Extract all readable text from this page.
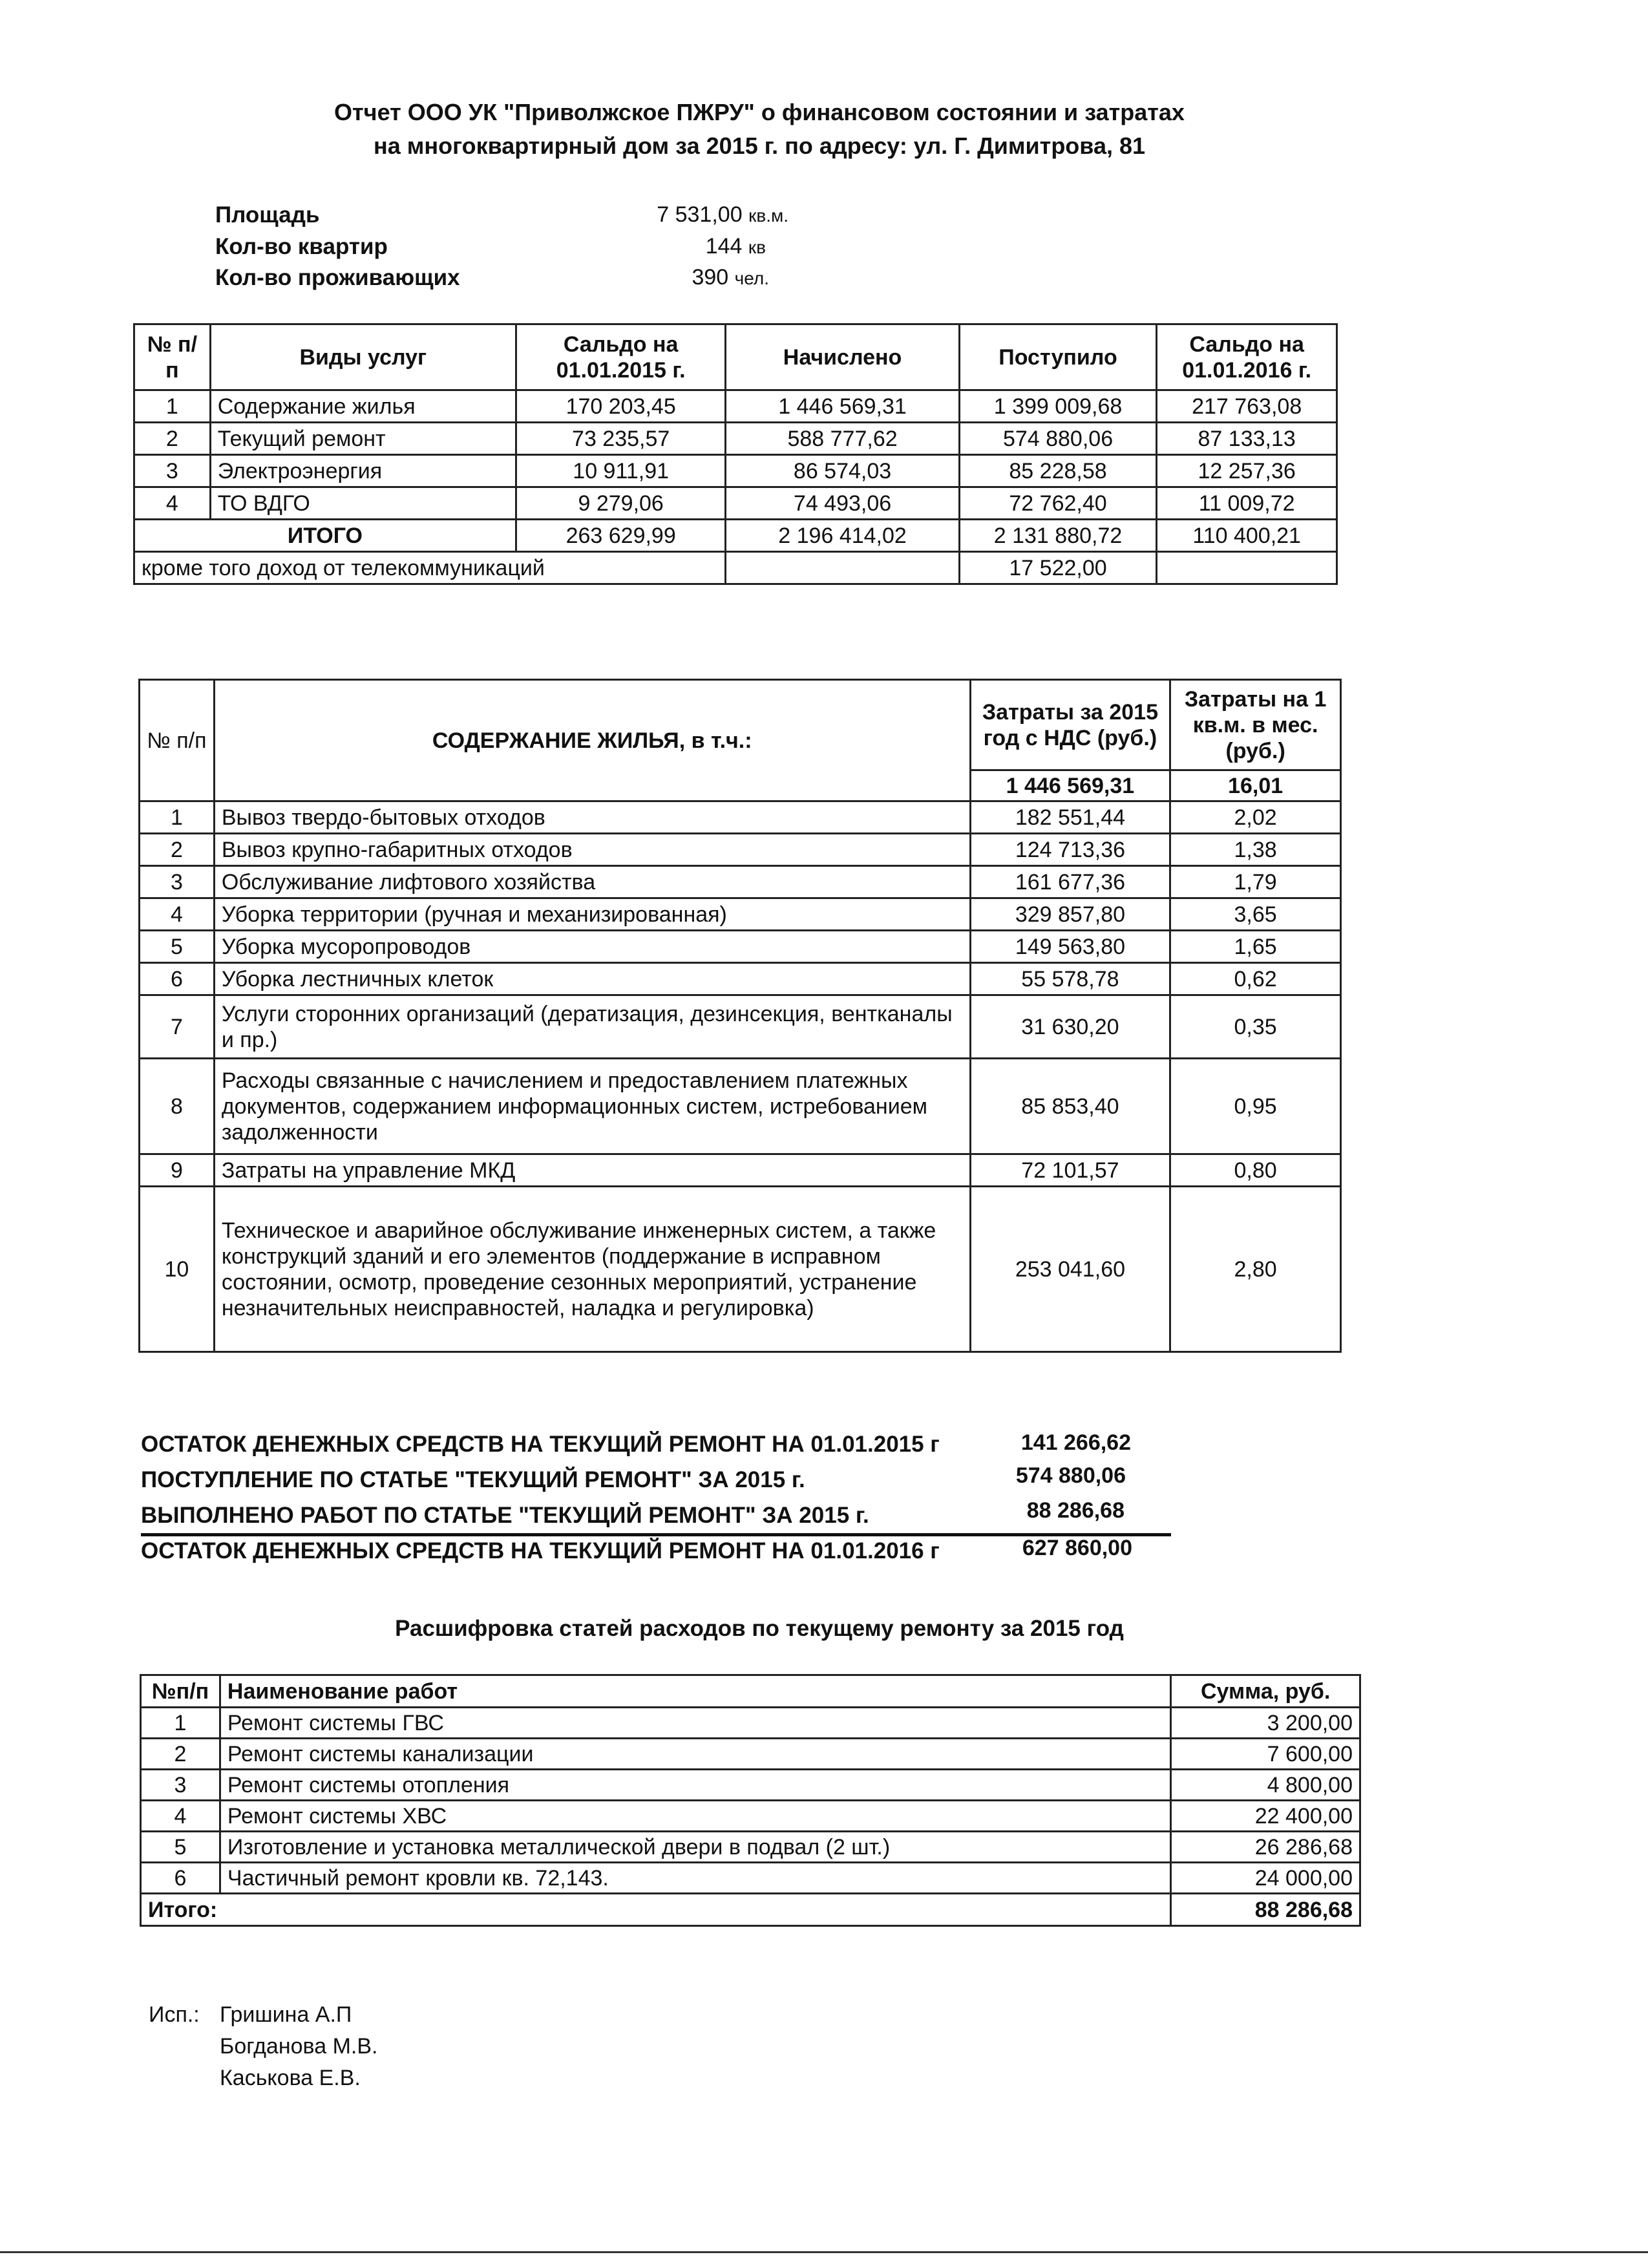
Отчет ООО УК "Приволжское ПЖРУ" о финансовом состоянии и затратах
на многоквартирный дом за 2015 г. по адресу: ул. Г. Димитрова, 81
Площадь	7 531,00 кв.м.
Кол-во квартир	144 кв
Кол-во проживающих	390 чел.
№ п/п	Виды услуг	Сальдо на 01.01.2015 г.	Начислено	Поступило	Сальдо на 01.01.2016 г.
1	Содержание жилья	170 203,45	1 446 569,31	1 399 009,68	217 763,08
2	Текущий ремонт	73 235,57	588 777,62	574 880,06	87 133,13
3	Электроэнергия	10 911,91	86 574,03	85 228,58	12 257,36
4	ТО ВДГО	9 279,06	74 493,06	72 762,40	11 009,72
ИТОГО		263 629,99	2 196 414,02	2 131 880,72	110 400,21
кроме того доход от телекоммуникаций				17 522,00	
№ п/п	СОДЕРЖАНИЕ ЖИЛЬЯ, в т.ч.:	Затраты за 2015 год с НДС (руб.)	Затраты на 1 кв.м. в мес. (руб.)
		1 446 569,31	16,01
1	Вывоз твердо-бытовых отходов	182 551,44	2,02
2	Вывоз крупно-габаритных отходов	124 713,36	1,38
3	Обслуживание лифтового хозяйства	161 677,36	1,79
4	Уборка территории (ручная и механизированная)	329 857,80	3,65
5	Уборка мусоропроводов	149 563,80	1,65
6	Уборка лестничных клеток	55 578,78	0,62
7	Услуги сторонних организаций (дератизация, дезинсекция, вентканалы и пр.)	31 630,20	0,35
8	Расходы связанные с начислением и предоставлением платежных документов, содержанием информационных систем, истребованием задолженности	85 853,40	0,95
9	Затраты на управление МКД	72 101,57	0,80
10	Техническое и аварийное обслуживание инженерных систем, а также конструкций зданий и его элементов (поддержание в исправном состоянии, осмотр, проведение сезонных мероприятий, устранение незначительных неисправностей, наладка и регулировка)	253 041,60	2,80
ОСТАТОК ДЕНЕЖНЫХ СРЕДСТВ НА ТЕКУЩИЙ РЕМОНТ НА 01.01.2015 г	141 266,62
ПОСТУПЛЕНИЕ ПО СТАТЬЕ "ТЕКУЩИЙ РЕМОНТ" ЗА 2015 г.	574 880,06
ВЫПОЛНЕНО РАБОТ ПО СТАТЬЕ "ТЕКУЩИЙ РЕМОНТ" ЗА 2015 г.	88 286,68
ОСТАТОК ДЕНЕЖНЫХ СРЕДСТВ НА ТЕКУЩИЙ РЕМОНТ НА 01.01.2016 г	627 860,00
Расшифровка статей расходов по текущему ремонту за 2015 год
№п/п	Наименование работ	Сумма, руб.
1	Ремонт системы ГВС	3 200,00
2	Ремонт системы канализации	7 600,00
3	Ремонт системы отопления	4 800,00
4	Ремонт системы ХВС	22 400,00
5	Изготовление и установка металлической двери в подвал (2 шт.)	26 286,68
6	Частичный ремонт кровли кв. 72,143.	24 000,00
Итого:		88 286,68
Исп.: Гришина А.П
Богданова М.В.
Каськова Е.В.
